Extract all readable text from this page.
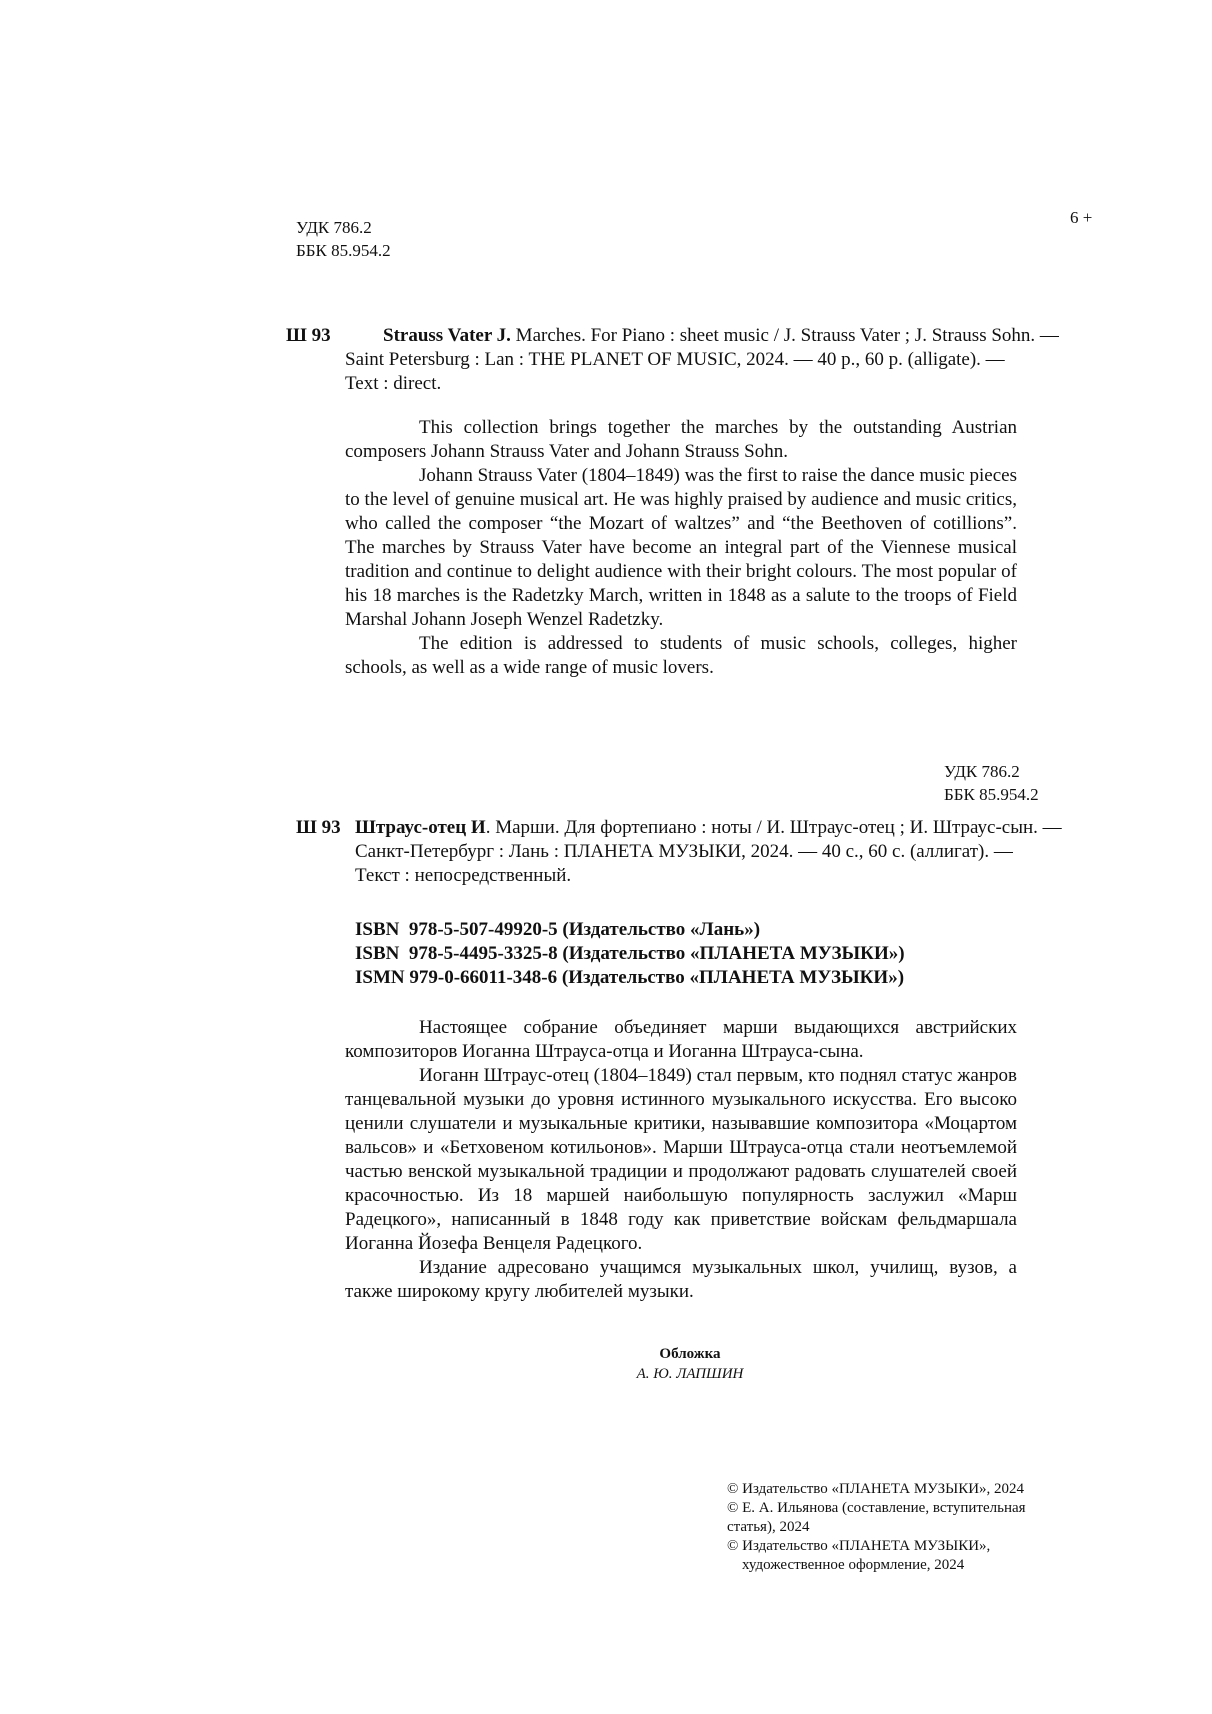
УДК 786.2
ББК 85.954.2
6 +
Ш 93	Strauss Vater J. Marches. For Piano : sheet music / J. Strauss Vater ; J. Strauss Sohn. —
Saint Petersburg : Lan : THE PLANET OF MUSIC, 2024. — 40 p., 60 p. (alligate). —
Text : direct.

This collection brings together the marches by the outstanding Austrian composers Johann Strauss Vater and Johann Strauss Sohn.

Johann Strauss Vater (1804–1849) was the first to raise the dance music pieces to the level of genuine musical art. He was highly praised by audience and music critics, who called the composer “the Mozart of waltzes” and “the Beethoven of cotillions”. The marches by Strauss Vater have become an integral part of the Viennese musical tradition and continue to delight audience with their bright colours. The most popular of his 18 marches is the Radetzky March, written in 1848 as a salute to the troops of Field Marshal Johann Joseph Wenzel Radetzky.

The edition is addressed to students of music schools, colleges, higher schools, as well as a wide range of music lovers.

УДК 786.2
ББК 85.954.2
Ш 93 Штраус-отец И. Марши. Для фортепиано : ноты / И. Штраус-отец ; И. Штраус-сын. —
Санкт-Петербург : Лань : ПЛАНЕТА МУЗЫКИ, 2024. — 40 с., 60 с. (аллигат). —
Текст : непосредственный.
ISBN  978-5-507-49920-5 (Издательство «Лань»)
ISBN  978-5-4495-3325-8 (Издательство «ПЛАНЕТА МУЗЫКИ»)
ISMN 979-0-66011-348-6 (Издательство «ПЛАНЕТА МУЗЫКИ»)

Настоящее собрание объединяет марши выдающихся австрийских композиторов Иоганна Штрауса-отца и Иоганна Штрауса-сына.

Иоганн Штраус-отец (1804–1849) стал первым, кто поднял статус жанров танцевальной музыки до уровня истинного музыкального искусства. Его высоко ценили слушатели и музыкальные критики, называвшие композитора «Моцартом вальсов» и «Бетховеном котильонов». Марши Штрауса-отца стали неотъемлемой частью венской музыкальной традиции и продолжают радовать слушателей своей красочностью. Из 18 маршей наибольшую популярность заслужил «Марш Радецкого», написанный в 1848 году как приветствие войскам фельдмаршала Иоганна Йозефа Венцеля Радецкого.

Издание адресовано учащимся музыкальных школ, училищ, вузов, а также широкому кругу любителей музыки.

Обложка
А. Ю. ЛАПШИН
© Издательство «ПЛАНЕТА МУЗЫКИ», 2024
© Е. А. Ильянова (составление, вступительная
статья), 2024
© Издательство «ПЛАНЕТА МУЗЫКИ»,
художественное оформление, 2024
